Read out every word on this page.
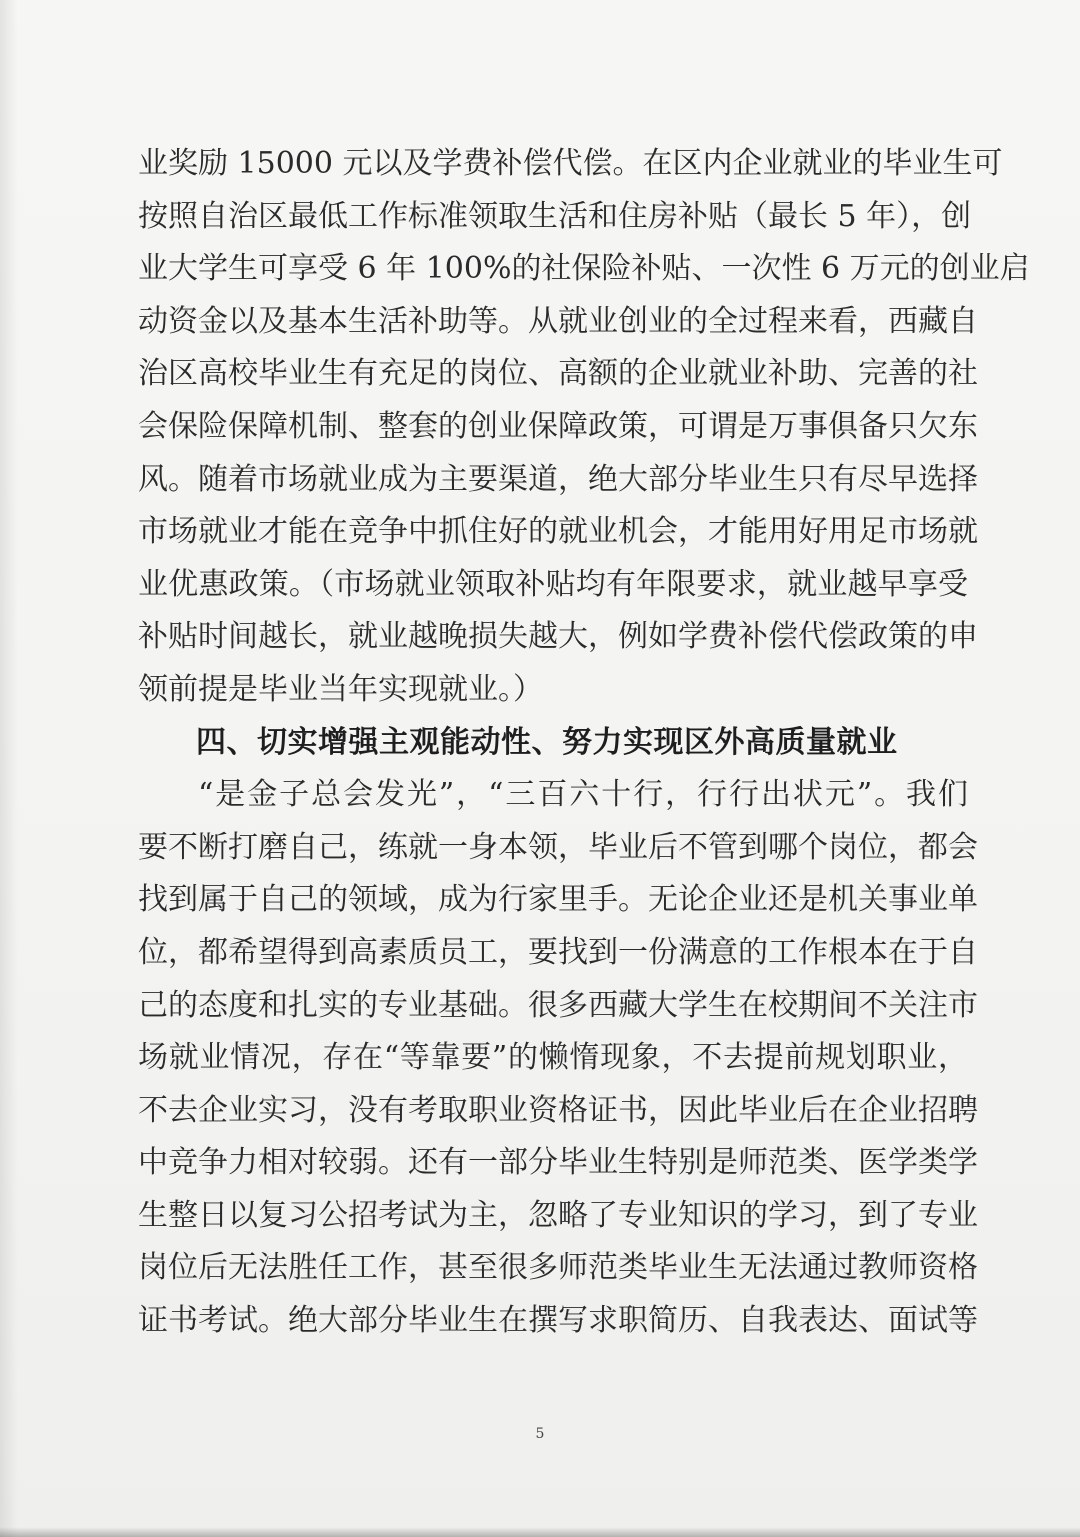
业奖励 15000 元以及学费补偿代偿。在区内企业就业的毕业生可
按照自治区最低工作标准领取生活和住房补贴（最长 5 年），创
业大学生可享受 6 年 100%的社保险补贴、一次性 6 万元的创业启
动资金以及基本生活补助等。从就业创业的全过程来看，西藏自
治区高校毕业生有充足的岗位、高额的企业就业补助、完善的社
会保险保障机制、整套的创业保障政策，可谓是万事俱备只欠东
风。随着市场就业成为主要渠道，绝大部分毕业生只有尽早选择
市场就业才能在竞争中抓住好的就业机会，才能用好用足市场就
业优惠政策。（市场就业领取补贴均有年限要求，就业越早享受
补贴时间越长，就业越晚损失越大，例如学费补偿代偿政策的申
领前提是毕业当年实现就业。）
四、切实增强主观能动性、努力实现区外高质量就业
“是金子总会发光”，“三百六十行，行行出状元”。我们
要不断打磨自己，练就一身本领，毕业后不管到哪个岗位，都会
找到属于自己的领域，成为行家里手。无论企业还是机关事业单
位，都希望得到高素质员工，要找到一份满意的工作根本在于自
己的态度和扎实的专业基础。很多西藏大学生在校期间不关注市
场就业情况，存在“等靠要”的懒惰现象，不去提前规划职业，
不去企业实习，没有考取职业资格证书，因此毕业后在企业招聘
中竞争力相对较弱。还有一部分毕业生特别是师范类、医学类学
生整日以复习公招考试为主，忽略了专业知识的学习，到了专业
岗位后无法胜任工作，甚至很多师范类毕业生无法通过教师资格
证书考试。绝大部分毕业生在撰写求职简历、自我表达、面试等
5
